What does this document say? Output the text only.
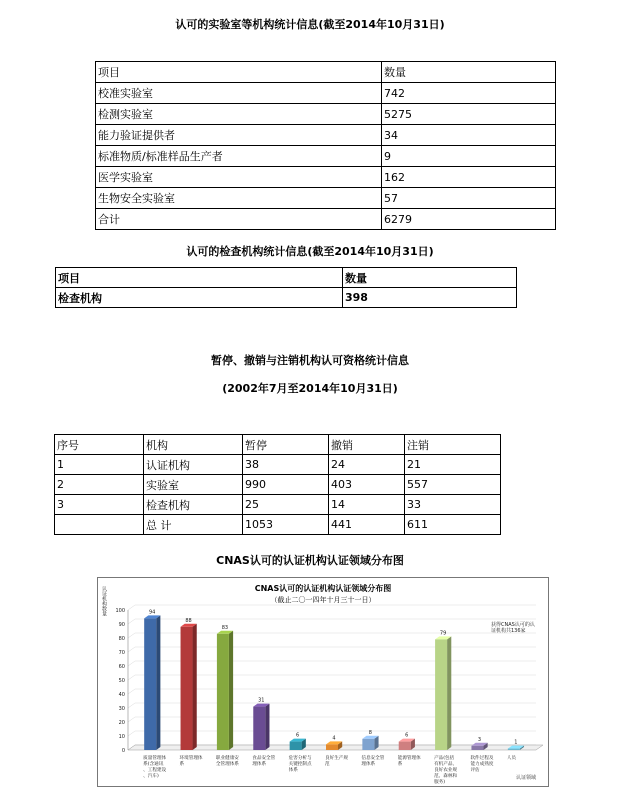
认可的实验室等机构统计信息(截至2014年10月31日)
项目	数量
校准实验室	742
检测实验室	5275
能力验证提供者	34
标准物质/标准样品生产者	9
医学实验室	162
生物安全实验室	57
合计	6279
认可的检查机构统计信息(截至2014年10月31日)
项目	数量
检查机构	398
暂停、撤销与注销机构认可资格统计信息
(2002年7月至2014年10月31日)
序号	机构	暂停	撤销	注销
1	认证机构	38	24	21
2	实验室	990	403	557
3	检查机构	25	14	33
	总 计	1053	441	611
CNAS认可的认证机构认证领域分布图
CNAS认可的认证机构认证领域分布图
（截止二〇一四年十月三十一日）
认证机构数量
0
10
20
30
40
50
60
70
80
90
100	94
质量管理体系(含通讯、工程建设、汽车)
88
环境管理体系
83
职业健康安全管理体系
31
食品安全管理体系
6
危害分析与关键控制点体系
4
良好生产规范
8
信息安全管理体系
6
能源管理体系
79
产品(包括有机产品、良好农业规范、森林和服务)
3
软件过程及能力成熟度评估
1
人员
认证领域
获得CNAS认可的认证机构共136家
